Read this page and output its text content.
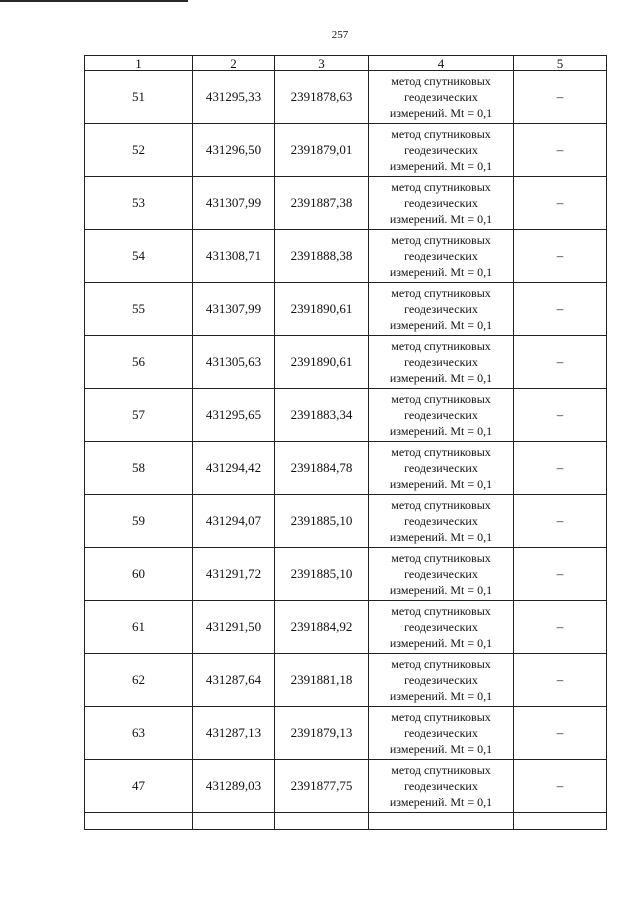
257
1	2	3	4	5
51	431295,33	2391878,63	метод спутниковых
геодезических
измерений. Mt = 0,1	–
52	431296,50	2391879,01	метод спутниковых
геодезических
измерений. Mt = 0,1	–
53	431307,99	2391887,38	метод спутниковых
геодезических
измерений. Mt = 0,1	–
54	431308,71	2391888,38	метод спутниковых
геодезических
измерений. Mt = 0,1	–
55	431307,99	2391890,61	метод спутниковых
геодезических
измерений. Mt = 0,1	–
56	431305,63	2391890,61	метод спутниковых
геодезических
измерений. Mt = 0,1	–
57	431295,65	2391883,34	метод спутниковых
геодезических
измерений. Mt = 0,1	–
58	431294,42	2391884,78	метод спутниковых
геодезических
измерений. Mt = 0,1	–
59	431294,07	2391885,10	метод спутниковых
геодезических
измерений. Mt = 0,1	–
60	431291,72	2391885,10	метод спутниковых
геодезических
измерений. Mt = 0,1	–
61	431291,50	2391884,92	метод спутниковых
геодезических
измерений. Mt = 0,1	–
62	431287,64	2391881,18	метод спутниковых
геодезических
измерений. Mt = 0,1	–
63	431287,13	2391879,13	метод спутниковых
геодезических
измерений. Mt = 0,1	–
47	431289,03	2391877,75	метод спутниковых
геодезических
измерений. Mt = 0,1	–
